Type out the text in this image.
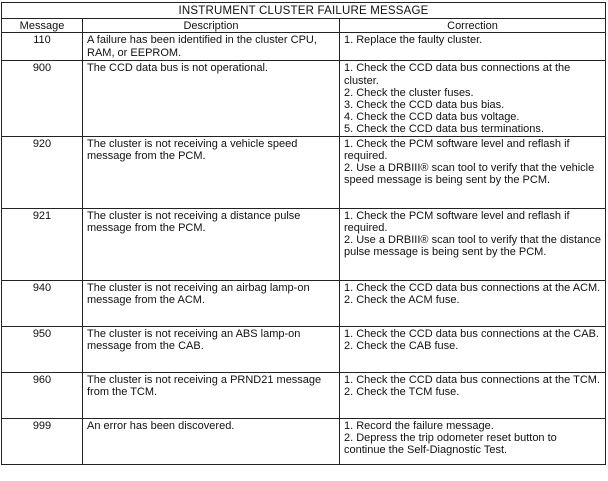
INSTRUMENT CLUSTER FAILURE MESSAGE		
Message	Description	Correction
110	A failure has been identified in the cluster CPU, RAM, or EEPROM.	1. Replace the faulty cluster.

900	The CCD data bus is not operational.	1. Check the CCD data bus connections at the cluster.
2. Check the cluster fuses.
3. Check the CCD data bus bias.
4. Check the CCD data bus voltage.
5. Check the CCD data bus terminations.

920	The cluster is not receiving a vehicle speed message from the PCM.	1. Check the PCM software level and reflash if required.
2. Use a DRBIII® scan tool to verify that the vehicle speed message is being sent by the PCM.

921	The cluster is not receiving a distance pulse message from the PCM.	1. Check the PCM software level and reflash if required.
2. Use a DRBIII® scan tool to verify that the distance pulse message is being sent by the PCM.

940	The cluster is not receiving an airbag lamp-on message from the ACM.	1. Check the CCD data bus connections at the ACM.
2. Check the ACM fuse.

950	The cluster is not receiving an ABS lamp-on message from the CAB.	1. Check the CCD data bus connections at the CAB.
2. Check the CAB fuse.

960	The cluster is not receiving a PRND21 message from the TCM.	1. Check the CCD data bus connections at the TCM.
2. Check the TCM fuse.

999	An error has been discovered.	1. Record the failure message.
2. Depress the trip odometer reset button to continue the Self-Diagnostic Test.
